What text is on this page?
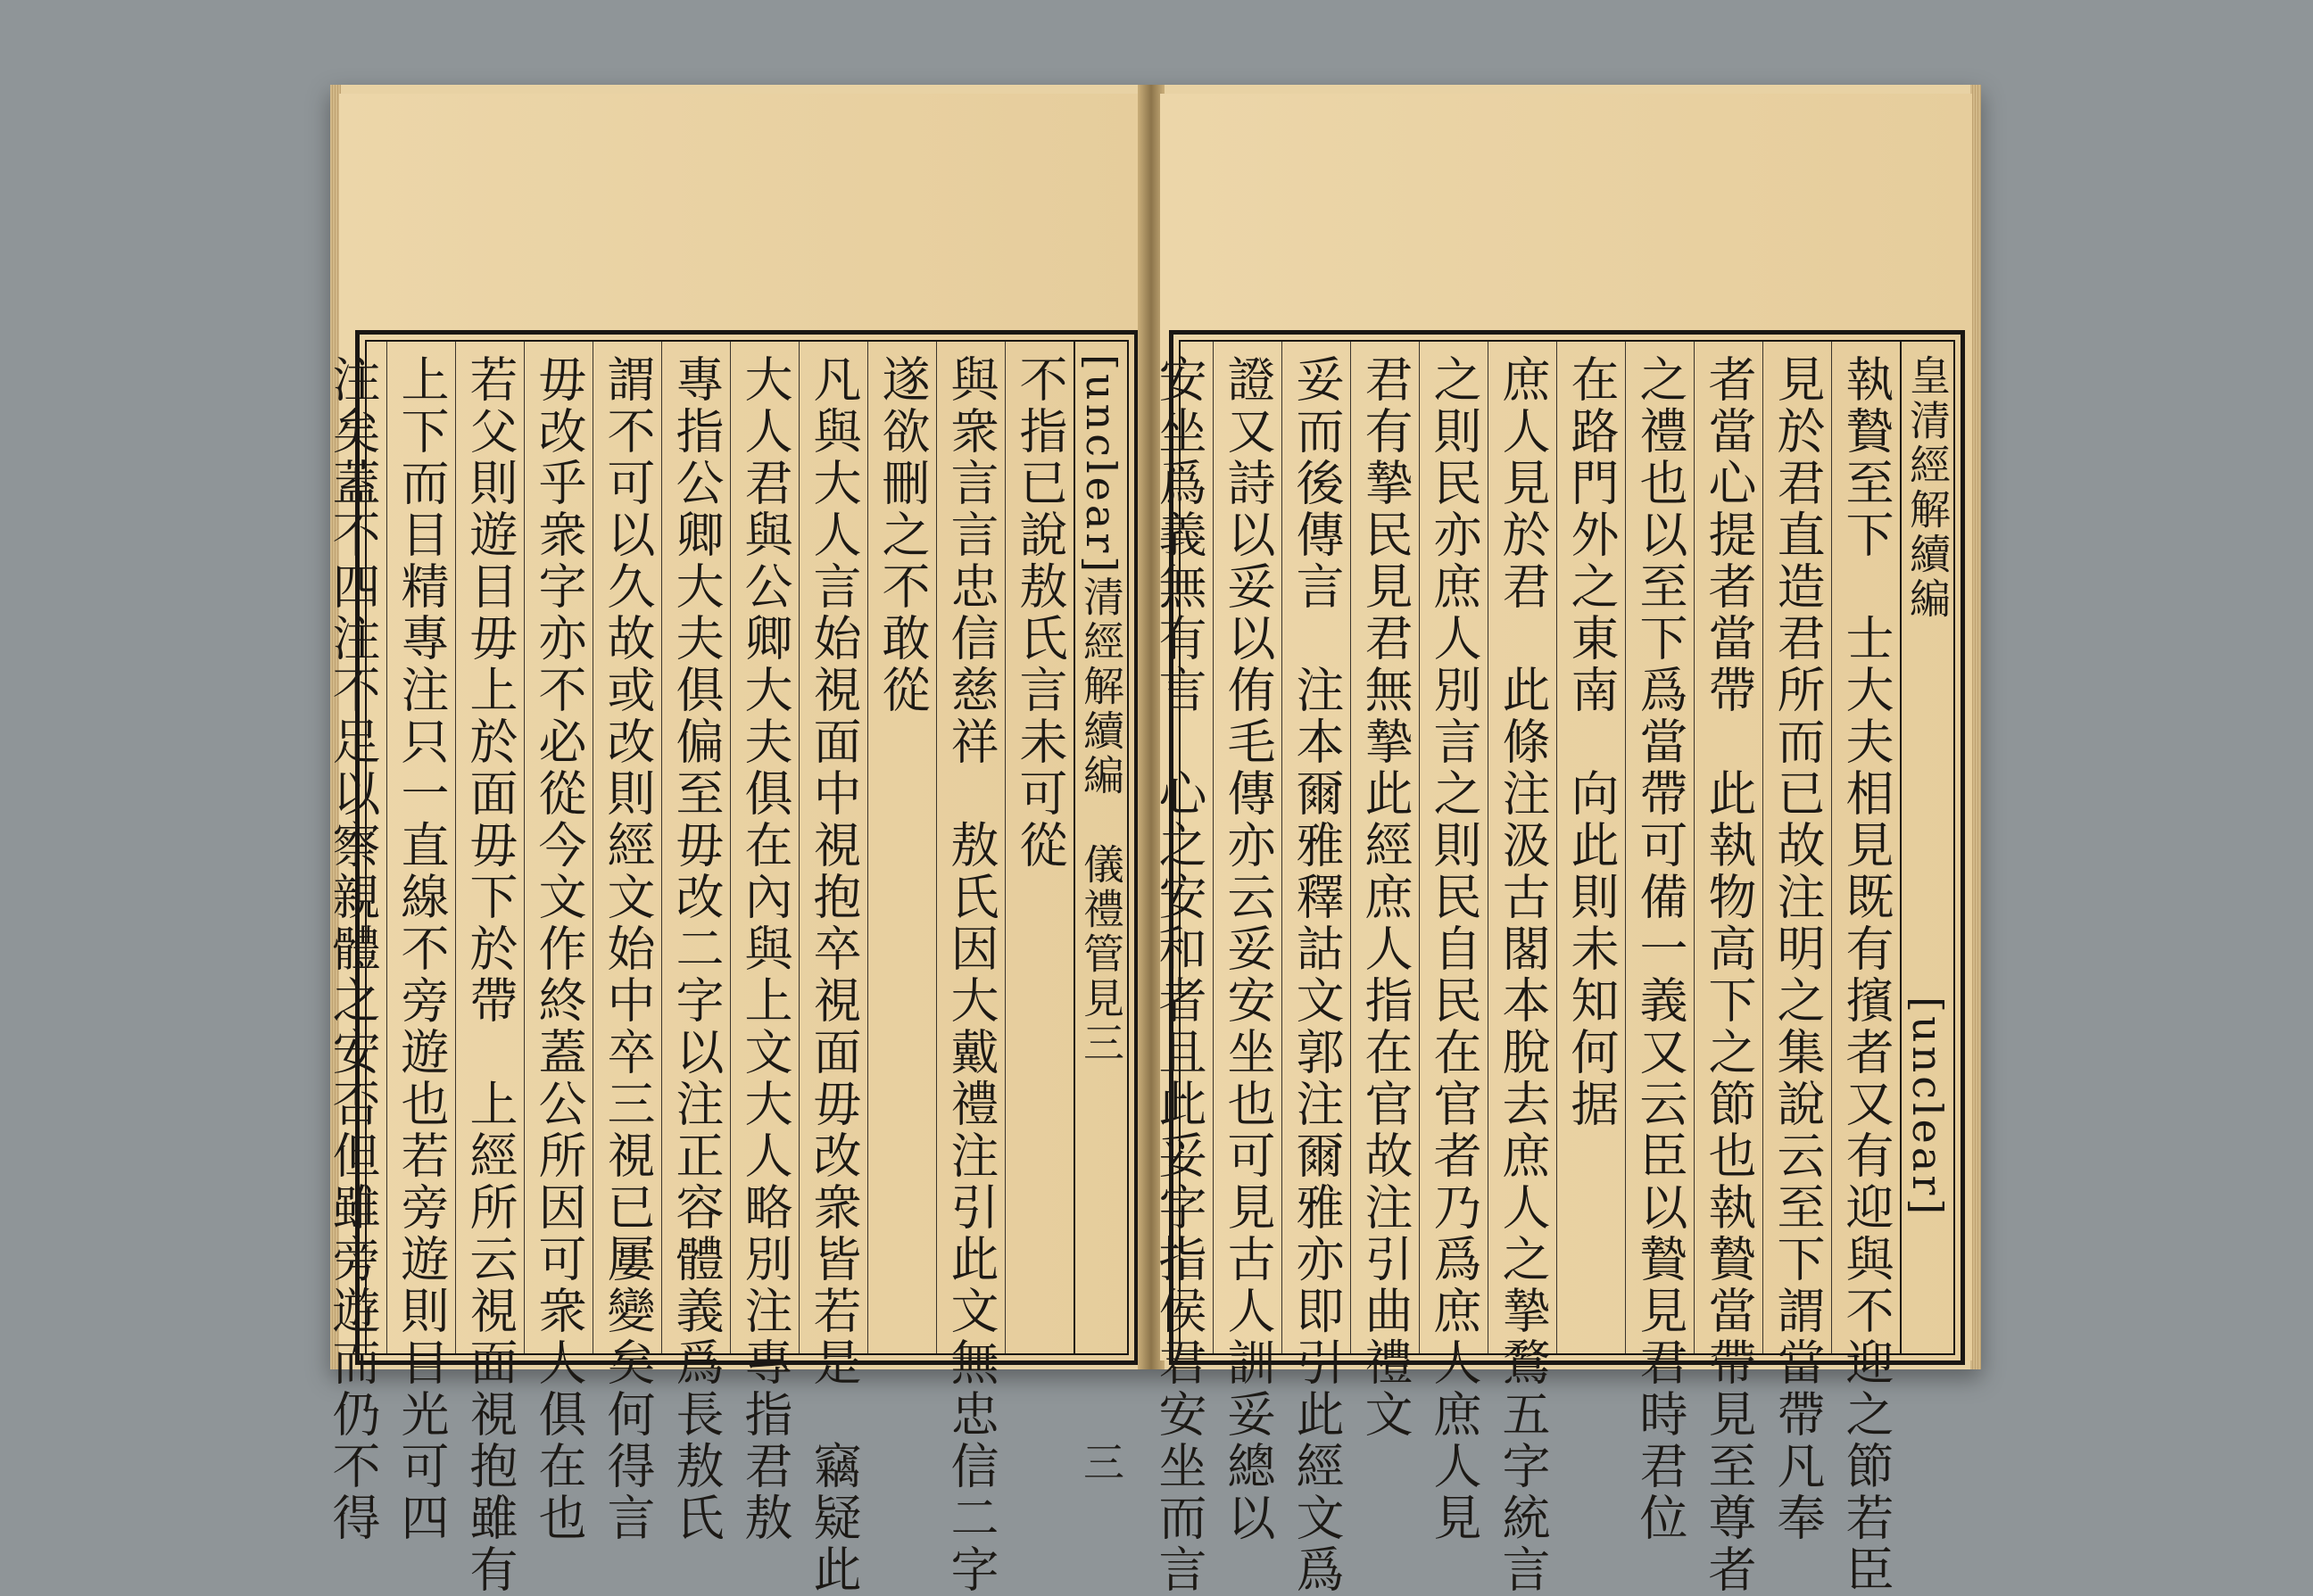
[unclear]清經解續編　儀禮管見三三
不指已說敖氏言未可從
與衆言言忠信慈祥　敖氏因大戴禮注引此文無忠信二字
遂欲刪之不敢從
凡與大人言始視面中視抱卒視面毋改衆皆若是　竊疑此
大人君與公卿大夫俱在內與上文大人略別注專指君敖
專指公卿大夫俱偏至毋改二字以注正容體義爲長敖氏
謂不可以久故或改則經文始中卒三視已屢變矣何得言
毋改乎衆字亦不必從今文作終蓋公所因可衆人俱在也
若父則遊目毋上於面毋下於帶　上經所云視面視抱雖有
上下而目精專注只一直線不旁遊也若旁遊則目光可四
注矣蓋不四注不足以察親體之安否但雖旁遊而仍不得	皇清經解續編[unclear]
執贄至下　士大夫相見既有擯者又有迎與不迎之節若臣
見於君直造君所而已故注明之集說云至下謂當帶凡奉
者當心提者當帶　此執物高下之節也執贄當帶見至尊者
之禮也以至下爲當帶可備一義又云臣以贄見君時君位
在路門外之東南　向此則未知何据
庶人見於君　此條注汲古閣本脫去庶人之摯鶩五字統言
之則民亦庶人別言之則民自民在官者乃爲庶人庶人見
君有摯民見君無摯此經庶人指在官故注引曲禮文
妥而後傳言　注本爾雅釋詁文郭注爾雅亦即引此經文爲
證又詩以妥以侑毛傳亦云妥安坐也可見古人訓妥總以
安坐爲義無有言　心之安和者且此妥字指侯君安坐而言
